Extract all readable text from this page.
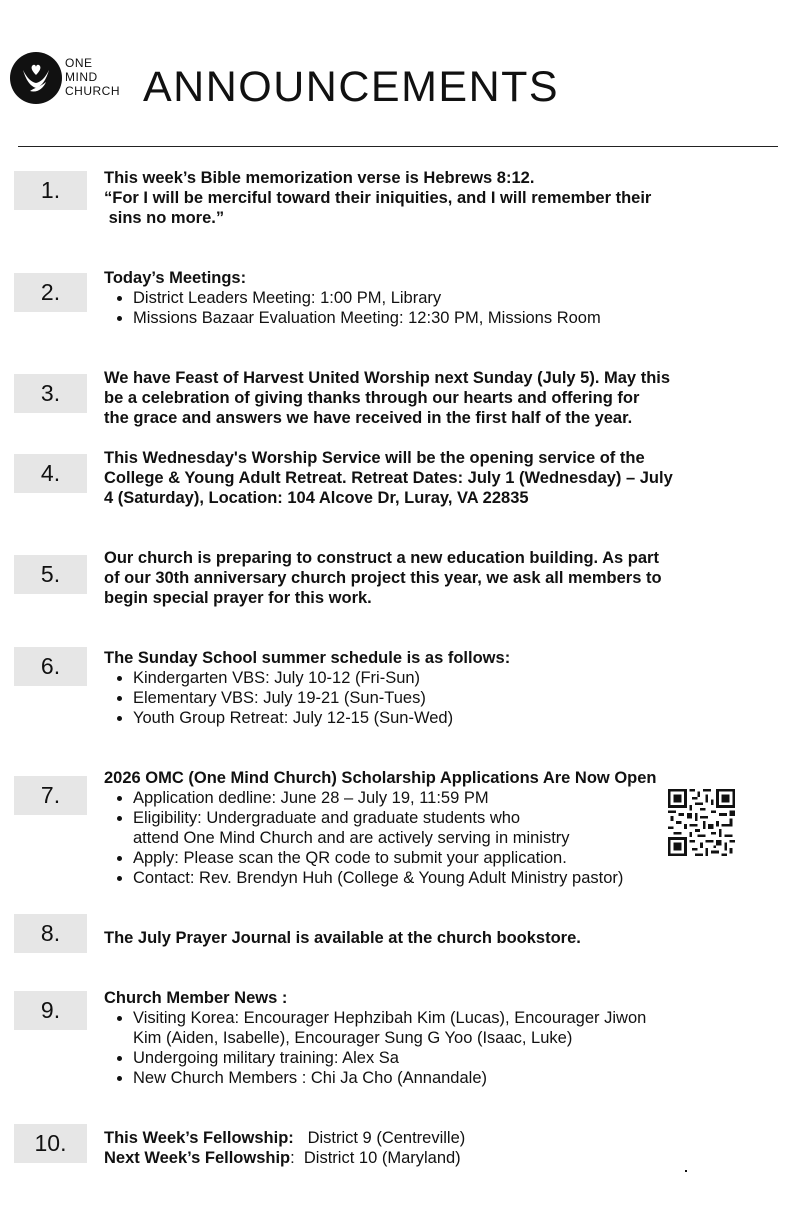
ONE
MIND
CHURCH ANNOUNCEMENTS
1.	This week’s Bible memorization verse is Hebrews 8:12.
“For I will be merciful toward their iniquities, and I will remember their
sins no more.”
2.
Today’s Meetings:
District Leaders Meeting: 1:00 PM, Library
Missions Bazaar Evaluation Meeting: 12:30 PM, Missions Room
3.
We have Feast of Harvest United Worship next Sunday (July 5). May this
be a celebration of giving thanks through our hearts and offering for
the grace and answers we have received in the first half of the year.
4.
This Wednesday's Worship Service will be the opening service of the
College & Young Adult Retreat. Retreat Dates: July 1 (Wednesday) – July
4 (Saturday), Location: 104 Alcove Dr, Luray, VA 22835
5.
Our church is preparing to construct a new education building. As part
of our 30th anniversary church project this year, we ask all members to
begin special prayer for this work.
6.	The Sunday School summer schedule is as follows:
Kindergarten VBS: July 10-12 (Fri-Sun)
Elementary VBS: July 19-21 (Sun-Tues)
Youth Group Retreat: July 12-15 (Sun-Wed)
7.
2026 OMC (One Mind Church) Scholarship Applications Are Now Open
Application dedline: June 28 – July 19, 11:59 PM
Eligibility: Undergraduate and graduate students who
attend One Mind Church and are actively serving in ministry
Apply: Please scan the QR code to submit your application.
Contact: Rev. Brendyn Huh (College & Young Adult Ministry pastor)
8.	The July Prayer Journal is available at the church bookstore.
9.	Church Member News :
Visiting Korea: Encourager Hephzibah Kim (Lucas), Encourager Jiwon
Kim (Aiden, Isabelle), Encourager Sung G Yoo (Isaac, Luke)
Undergoing military training: Alex Sa
New Church Members : Chi Ja Cho (Annandale)
10.	This Week’s Fellowship: District 9 (Centreville)
Next Week’s Fellowship:  District 10 (Maryland)
